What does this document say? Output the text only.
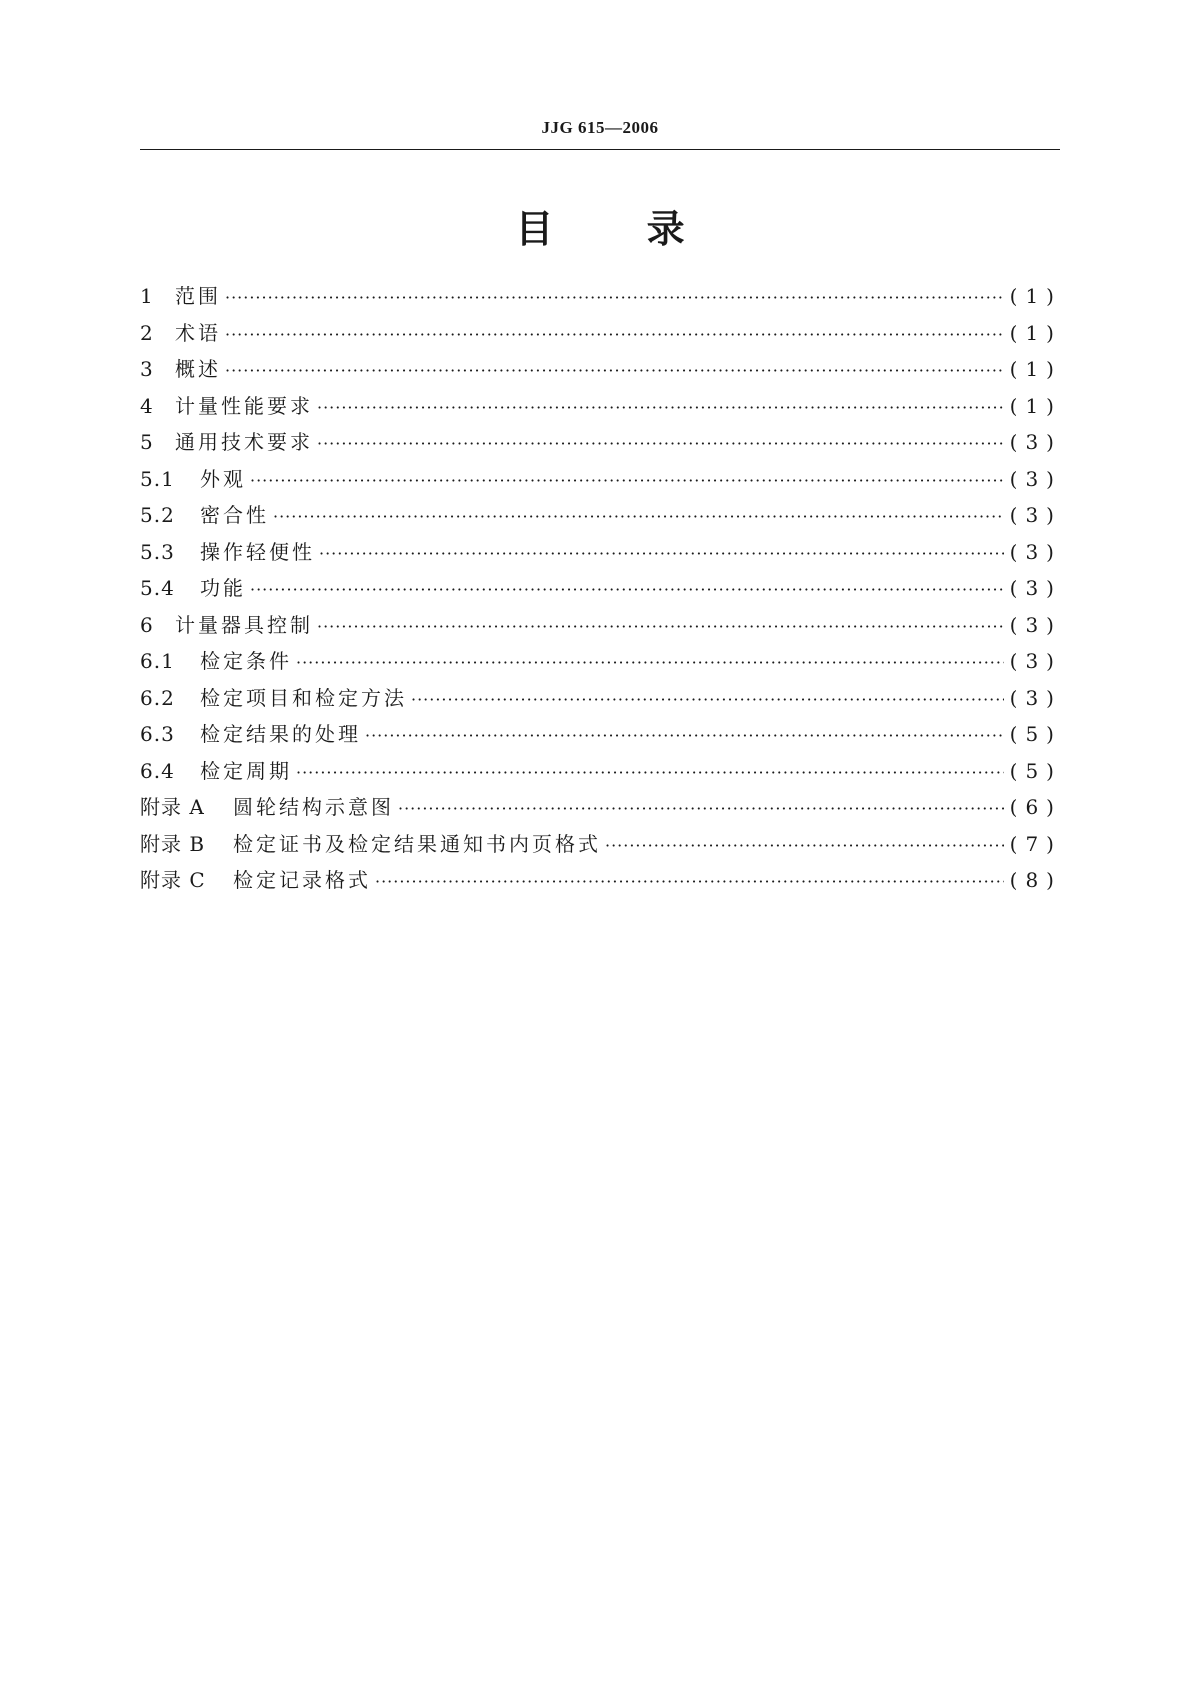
JJG 615—2006
目 录
1	范围 ·····	(1)
2	术语 ·····	(1)
3	概述 ·····	(1)
4	计量性能要求 ·····	(1)
5	通用技术要求 ·····	(3)
5.1	外观 ·····	(3)
5.2	密合性 ·····	(3)
5.3	操作轻便性 ·····	(3)
5.4	功能 ·····	(3)
6	计量器具控制 ·····	(3)
6.1	检定条件 ·····	(3)
6.2	检定项目和检定方法 ·····	(3)
6.3	检定结果的处理 ·····	(5)
6.4	检定周期 ·····	(5)
附录 A	圆轮结构示意图 ·····	(6)
附录 B	检定证书及检定结果通知书内页格式 ·····	(7)
附录 C	检定记录格式 ·····	(8)
